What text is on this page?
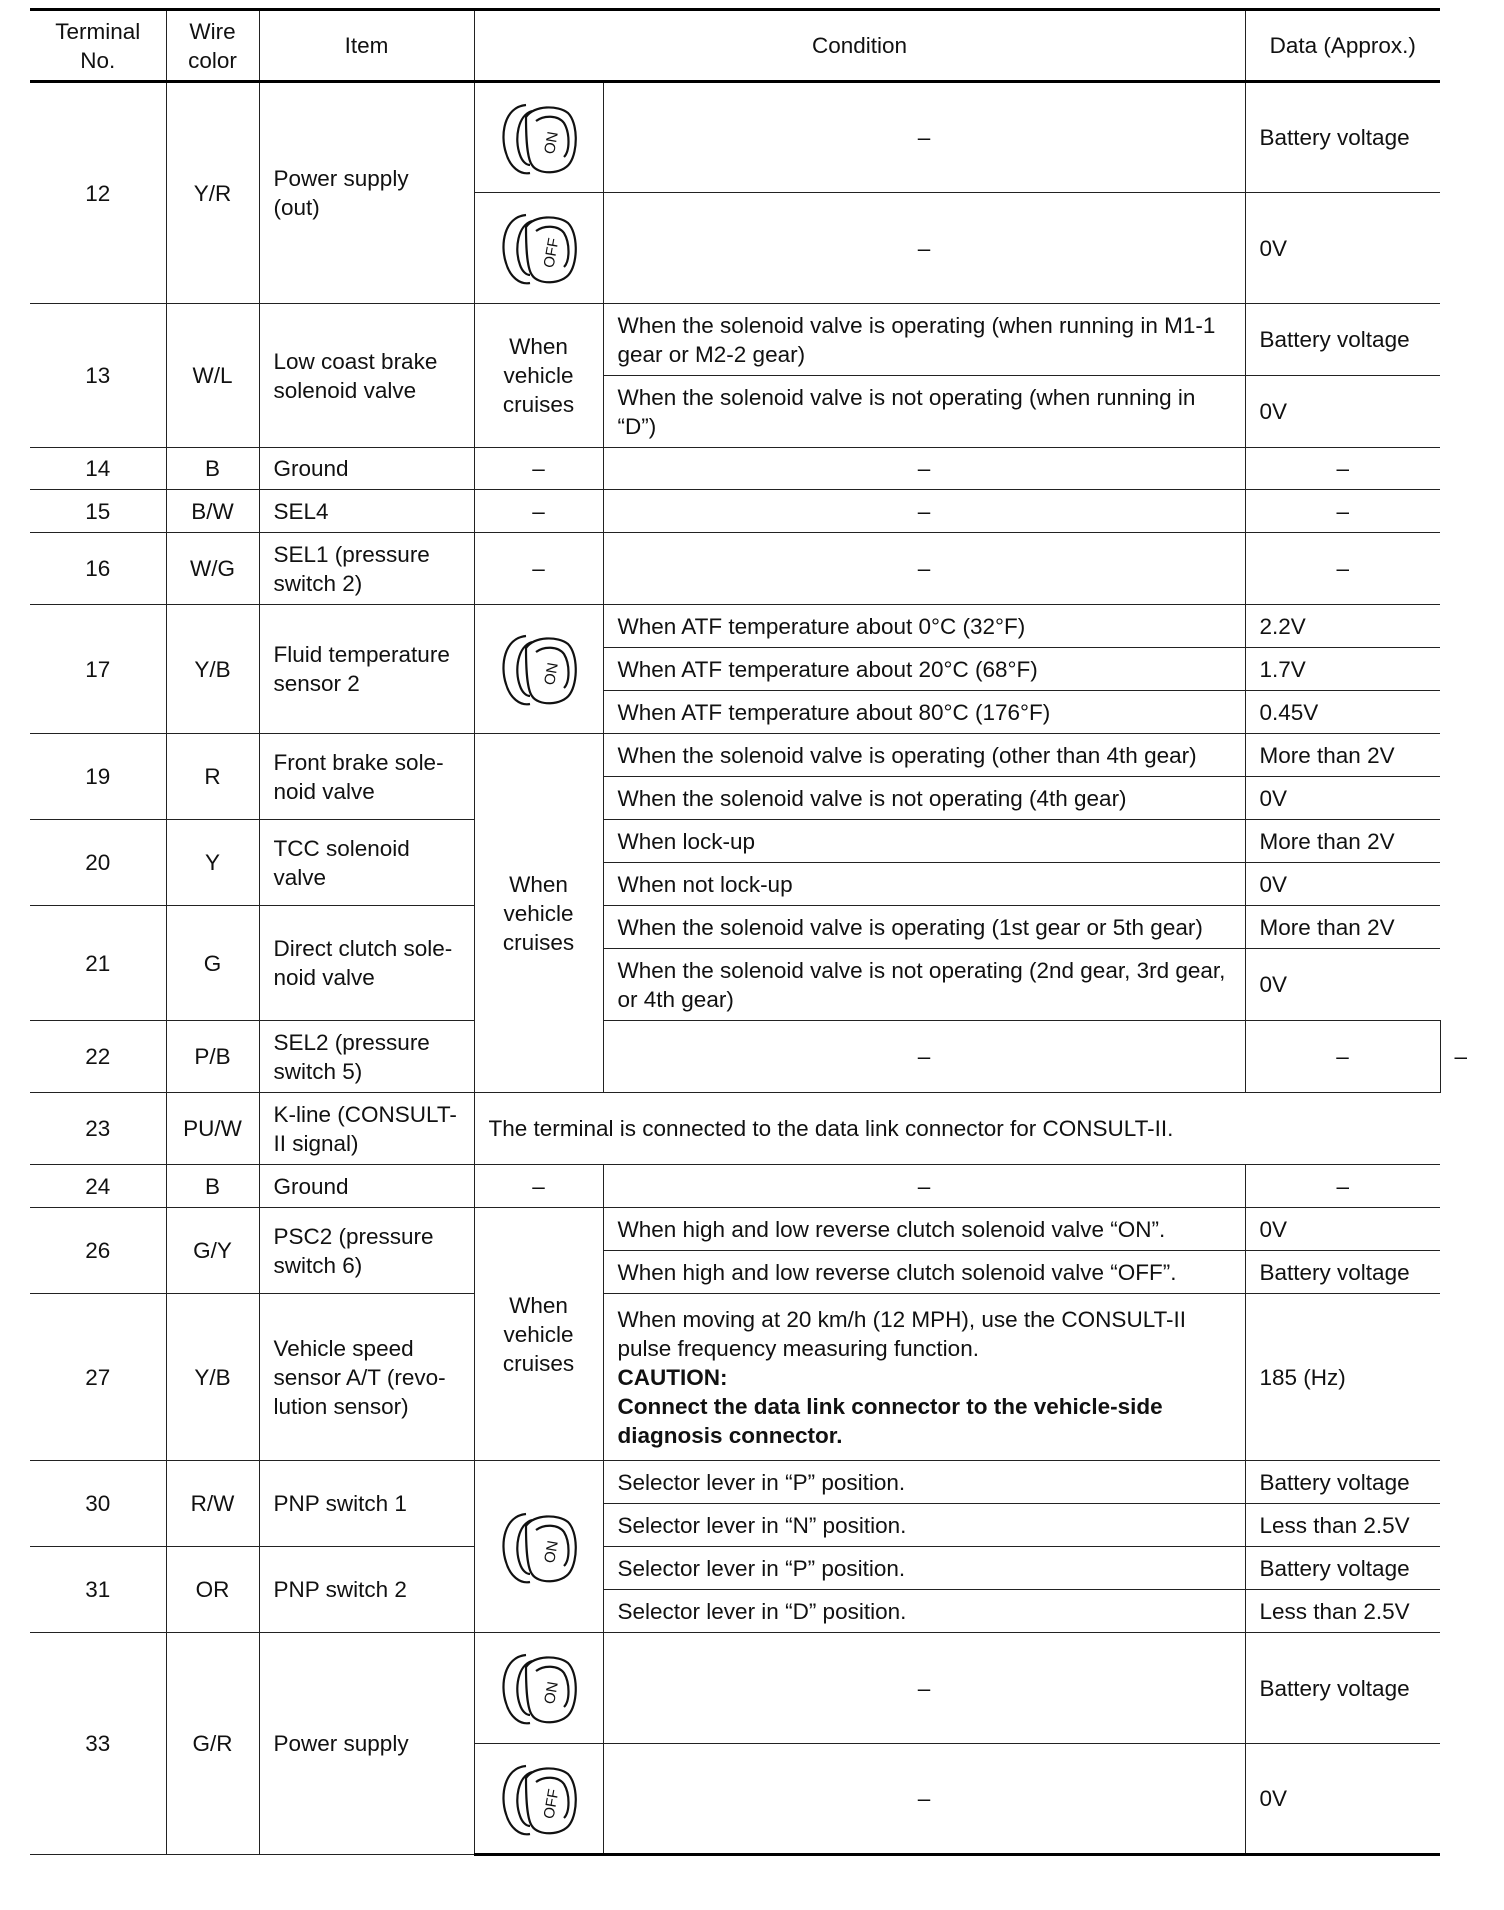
Terminal No.	Wire color	Item	Condition		Data (Approx.)	
12	Y/R	Power supply (out)	ON	–	Battery voltage	

OFF	–	0V	
13	W/L	Low coast brake solenoid valve	When vehicle cruises	When the solenoid valve is operating (when running in M1-1 gear or M2-2 gear)	Battery voltage	
				When the solenoid valve is not operating (when running in “D”)	0V	
14	B	Ground	–	–	–	
15	B/W	SEL4	–	–	–	
16	W/G	SEL1 (pressure switch 2)	–	–	–	
17	Y/B	Fluid temperature sensor 2	ON	When ATF temperature about 0°C (32°F)	2.2V	
				When ATF temperature about 20°C (68°F)	1.7V	
				When ATF temperature about 80°C (176°F)	0.45V	
19	R	Front brake sole-noid valve	When vehicle cruises	When the solenoid valve is operating (other than 4th gear)	More than 2V	
				When the solenoid valve is not operating (4th gear)	0V	
20	Y	TCC solenoid valve		When lock-up	More than 2V	
				When not lock-up	0V	
21	G	Direct clutch sole-noid valve		When the solenoid valve is operating (1st gear or 5th gear)	More than 2V	
				When the solenoid valve is not operating (2nd gear, 3rd gear, or 4th gear)	0V	
22	P/B	SEL2 (pressure switch 5)		–	–	–
23	PU/W	K-line (CONSULT-II signal)	The terminal is connected to the data link connector for CONSULT-II.			
24	B	Ground	–	–	–	
26	G/Y	PSC2 (pressure switch 6)	When vehicle cruises	When high and low reverse clutch solenoid valve “ON”.	0V	
				When high and low reverse clutch solenoid valve “OFF”.	Battery voltage	
27	Y/B	Vehicle speed sensor A/T (revo-lution sensor)		When moving at 20 km/h (12 MPH), use the CONSULT-II pulse frequency measuring function.
CAUTION:
Connect the data link connector to the vehicle-side diagnosis connector.	185 (Hz)	
30	R/W	PNP switch 1	ON	Selector lever in “P” position.	Battery voltage	
				Selector lever in “N” position.	Less than 2.5V	
31	OR	PNP switch 2		Selector lever in “P” position.	Battery voltage	
				Selector lever in “D” position.	Less than 2.5V	
33	G/R	Power supply	ON	–	Battery voltage	

OFF	–	0V	
